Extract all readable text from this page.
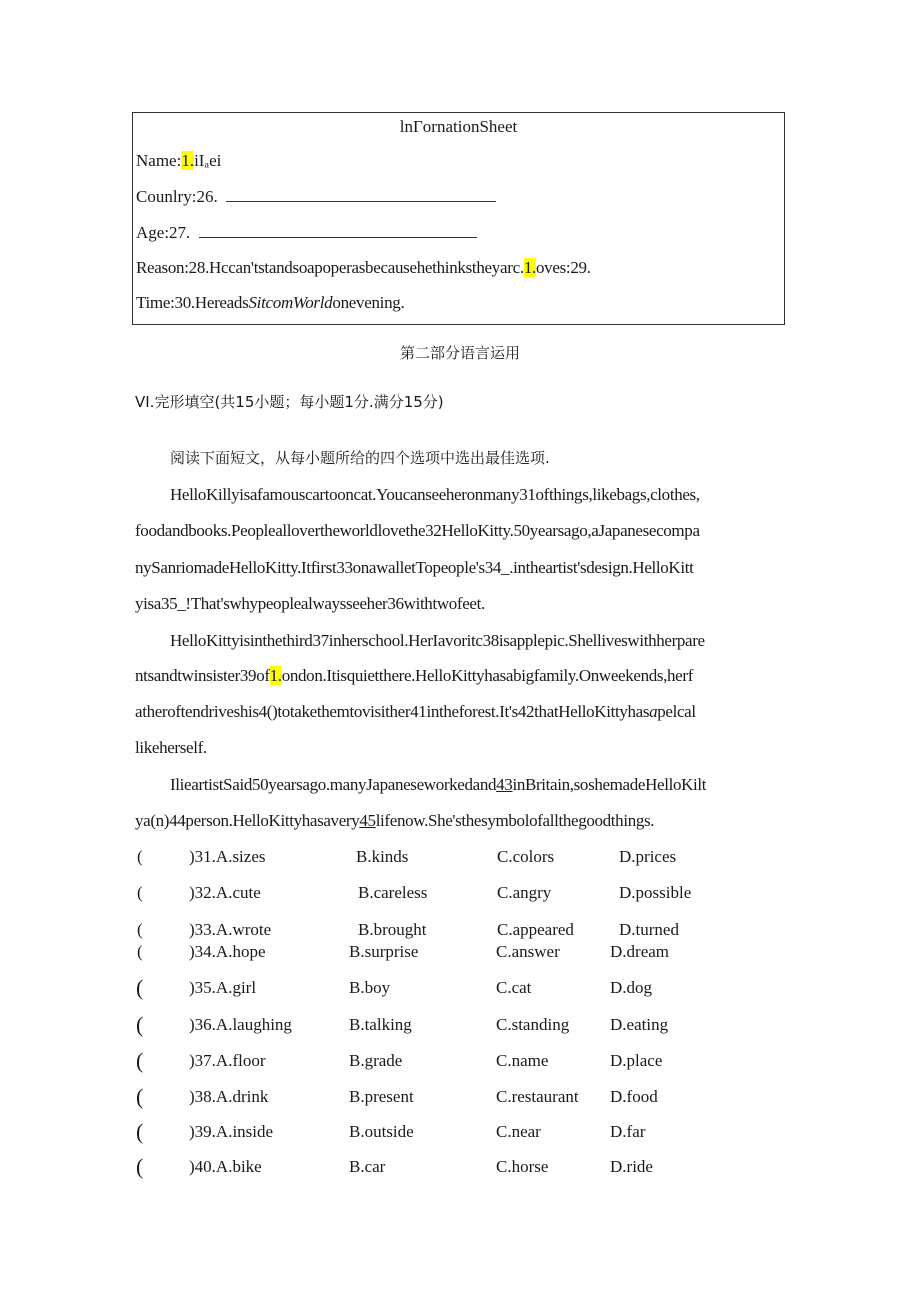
lnΓornationSheet
Name:1.iIₐei
Counlry:26.
Age:27.
Reason:28.Hccan'tstandsoapoperasbecausehethinkstheyarc.1.oves:29.
Time:30.HereadsSitcomWorldonevening.
第二部分语言运用
VI.完形填空(共15小题；每小题1分.满分15分)
阅读下面短文，从每小题所给的四个选项中选出最佳选项.
HelloKillyisafamouscartooncat.Youcanseeheronmany31ofthings,likebags,clothes,
foodandbooks.Peopleallovertheworldlovethe32HelloKitty.50yearsago,aJapanesecompa
nySanriomadeHelloKitty.Itfirst33onawalletTopeople's34_.intheartist'sdesign.HelloKitt
yisa35_!That'swhypeoplealwaysseeher36withtwofeet.
HelloKittyisinthethird37inherschool.HerIavoritc38isapplepic.Shelliveswithherpare
ntsandtwinsister39of1.ondon.Itisquietthere.HelloKittyhasabigfamily.Onweekends,herf
atheroftendriveshis4()totakethemtovisither41intheforest.It's42thatHelloKittyhasapelcal
likeherself.
IlieartistSaid50yearsago.manyJapaneseworkedand43inBritain,soshemadeHelloKilt
ya(n)44person.HelloKittyhasavery45lifenow.She'sthesymbolofallthegoodthings.
(	)31.A.sizes	B.kinds	C.colors	D.prices
(	)32.A.cute	B.careless	C.angry	D.possible
(	)33.A.wrote	B.brought	C.appeared	D.turned
(	)34.A.hope	B.surprise	C.answer	D.dream
(	)35.A.girl	B.boy	C.cat	D.dog
(	)36.A.laughing	B.talking	C.standing D.eating
(	)37.A.floor	B.grade	C.name	D.place
(	)38.A.drink	B.present	C.restaurant D.food
(	)39.A.inside	B.outside	C.near	D.far
(	)40.A.bike	B.car	C.horse	D.ride
